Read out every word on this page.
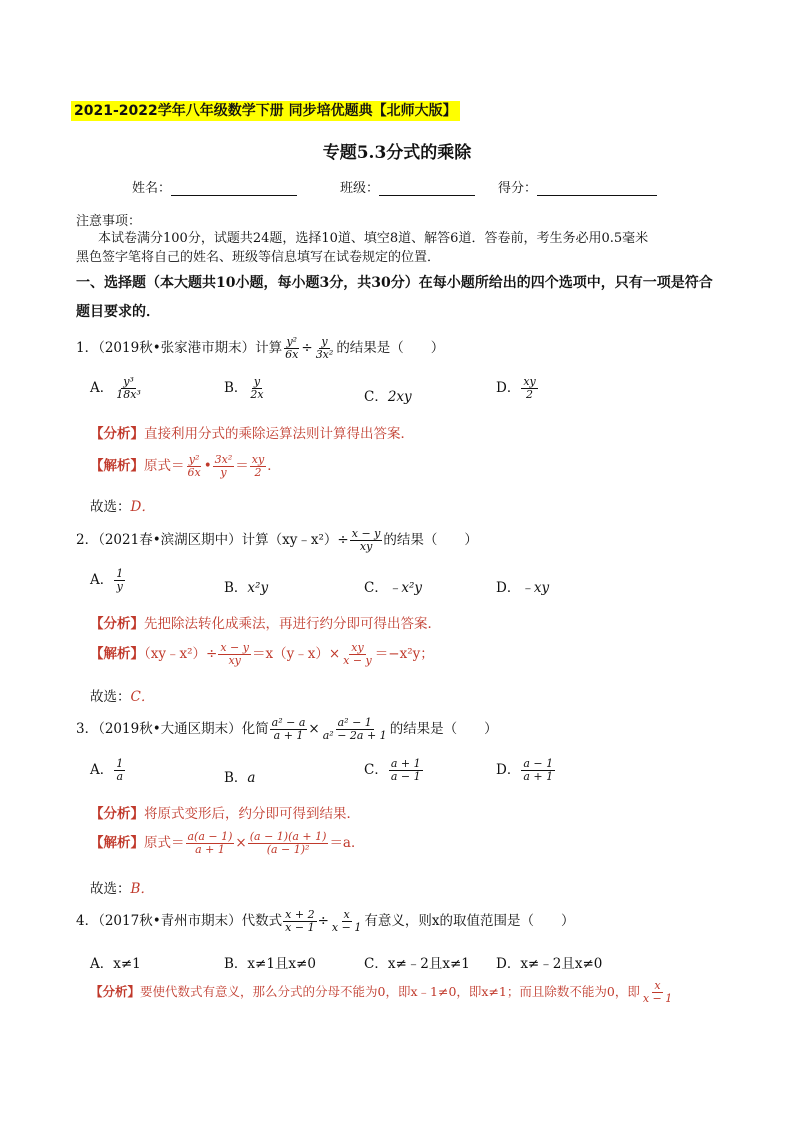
2021-2022学年八年级数学下册 同步培优题典【北师大版】
专题5.3分式的乘除
姓名：	班级：	得分：
注意事项：
本试卷满分100分，试题共24题，选择10道、填空8道、解答6道．答卷前，考生务必用0.5毫米
黑色签字笔将自己的姓名、班级等信息填写在试卷规定的位置．
一、选择题（本大题共10小题，每小题3分，共30分）在每小题所给出的四个选项中，只有一项是符合
题目要求的．
1．（2019秋•张家港市期末）计算 $\frac{\text{y²}}{6x} \div \frac{y}{\text{3x²}}$ 的结果是（　　）
A． $\frac{\text{y³}}{\text{18x³}}$	B． $\frac{y}{2x}$	C．2xy
D． $\frac{xy}{2}$
【分析】直接利用分式的乘除运算法则计算得出答案．
【解析】原式＝ $\frac{\text{y²}}{6x}$ • $\frac{\text{3x²}}{y} = \frac{xy}{2}$ ．
故选：D．
2．（2021春•滨湖区期中）计算（xy﹣x²）÷ $\frac{x - y}{xy}$ 的结果（　　）
A． $\frac{1}{y}$	B．x²y	C．﹣x²y	D．﹣xy
【分析】先把除法转化成乘法，再进行约分即可得出答案．
【解析】（xy﹣x²）÷ $\frac{x - y}{xy}$ ＝x（y﹣x）× $\frac{xy}{x - y} =-x^2y$；
故选：C．
3．（2019秋•大通区期末）化简 $\frac{\text{a² − a}}{a + 1} \times \frac{\text{a² − 1}}{\text{a² − 2a + 1}}$ 的结果是（　　）
A． $\frac{1}{a}$	B．a	C． $\frac{a + 1}{a - 1}$	D． $\frac{a - 1}{a + 1}$
【分析】将原式变形后，约分即可得到结果．
【解析】原式＝ $\frac{a(a - 1)}{a + 1} \times \frac{(a - 1)(a + 1)}{\text{(a − 1)²}} =a$．
故选：B．
4．（2017秋•青州市期末）代数式 $\frac{x + 2}{x - 1} \div \frac{x}{x - 1}$ 有意义，则x的取值范围是（　　）
A．x≠1	B．x≠1且x≠0	C．x≠﹣2且x≠1 D．x≠﹣2且x≠0
【分析】要使代数式有意义，那么分式的分母不能为0，即x﹣1≠0，即x≠1；而且除数不能为0，即 $\frac{x}{x - 1}$
